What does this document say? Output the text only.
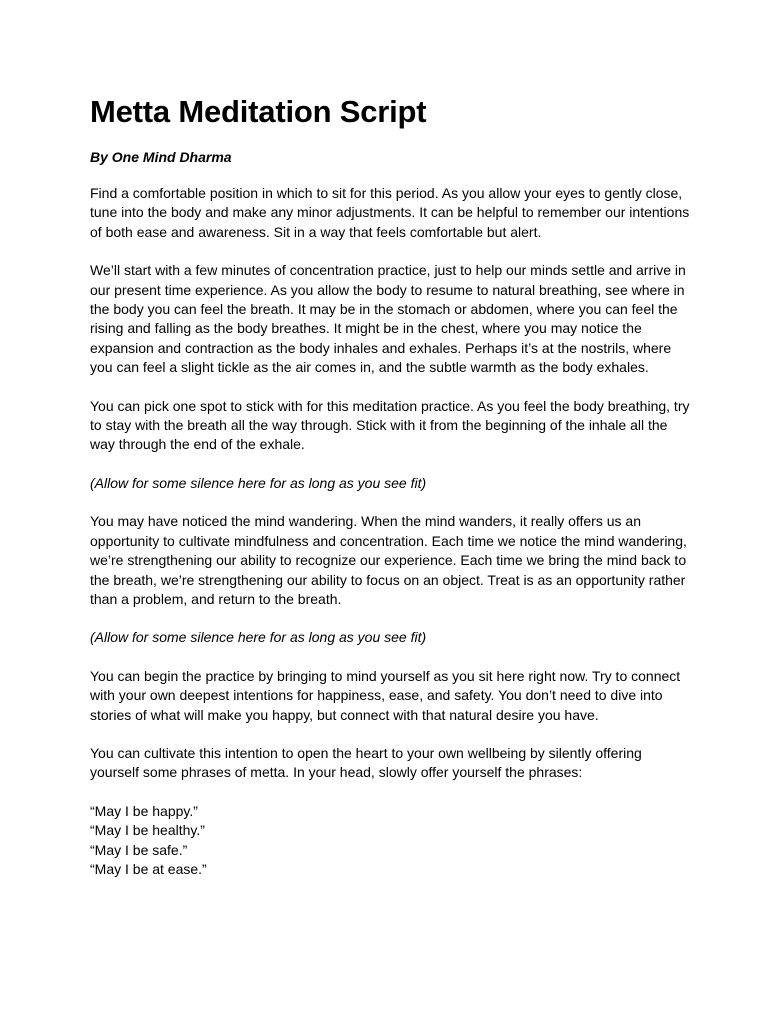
Metta Meditation Script

By One Mind Dharma

Find a comfortable position in which to sit for this period. As you allow your eyes to gently close, tune into the body and make any minor adjustments. It can be helpful to remember our intentions of both ease and awareness. Sit in a way that feels comfortable but alert.

We’ll start with a few minutes of concentration practice, just to help our minds settle and arrive in our present time experience. As you allow the body to resume to natural breathing, see where in the body you can feel the breath. It may be in the stomach or abdomen, where you can feel the rising and falling as the body breathes. It might be in the chest, where you may notice the expansion and contraction as the body inhales and exhales. Perhaps it’s at the nostrils, where you can feel a slight tickle as the air comes in, and the subtle warmth as the body exhales.

You can pick one spot to stick with for this meditation practice. As you feel the body breathing, try to stay with the breath all the way through. Stick with it from the beginning of the inhale all the way through the end of the exhale.

(Allow for some silence here for as long as you see fit)

You may have noticed the mind wandering. When the mind wanders, it really offers us an opportunity to cultivate mindfulness and concentration. Each time we notice the mind wandering, we’re strengthening our ability to recognize our experience. Each time we bring the mind back to the breath, we’re strengthening our ability to focus on an object. Treat is as an opportunity rather than a problem, and return to the breath.

(Allow for some silence here for as long as you see fit)

You can begin the practice by bringing to mind yourself as you sit here right now. Try to connect with your own deepest intentions for happiness, ease, and safety. You don’t need to dive into stories of what will make you happy, but connect with that natural desire you have.

You can cultivate this intention to open the heart to your own wellbeing by silently offering yourself some phrases of metta. In your head, slowly offer yourself the phrases:

“May I be happy.”
“May I be healthy.”
“May I be safe.”
“May I be at ease.”
